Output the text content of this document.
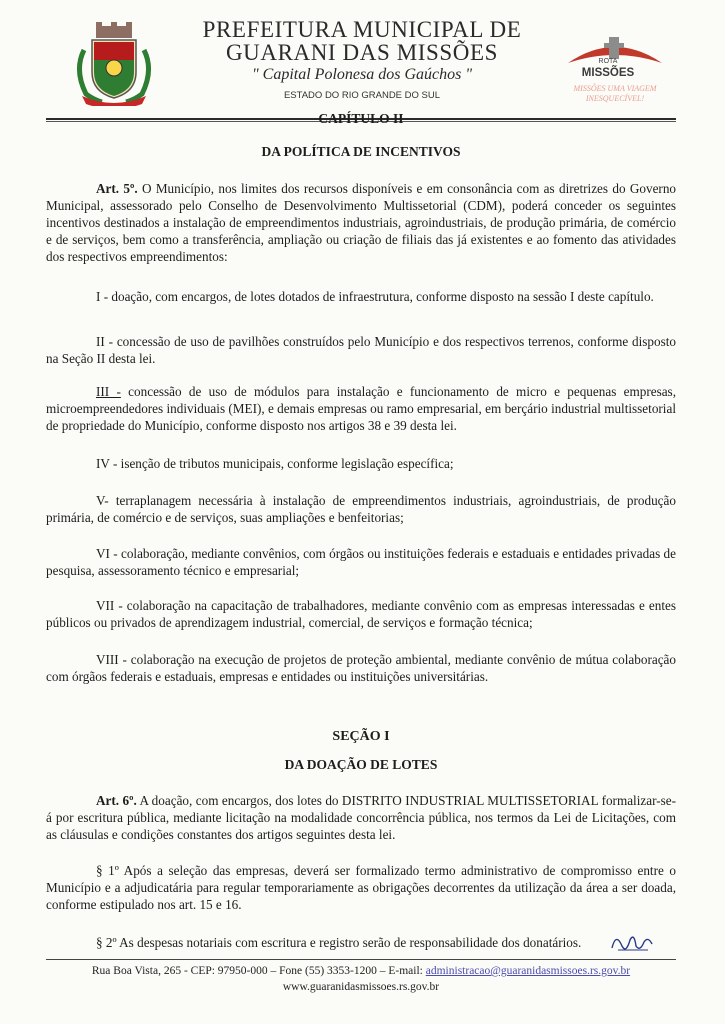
PREFEITURA MUNICIPAL DE
GUARANI DAS MISSÕES
" Capital Polonesa dos Gaúchos "
ESTADO DO RIO GRANDE DO SUL
ROTA
MISSÕES
MISSÕES UMA VIAGEM
INESQUECÍVEL!
CAPÍTULO II
DA POLÍTICA DE INCENTIVOS
Art. 5º. O Município, nos limites dos recursos disponíveis e em consonância com as diretrizes do Governo Municipal, assessorado pelo Conselho de Desenvolvimento Multissetorial (CDM), poderá conceder os seguintes incentivos destinados a instalação de empreendimentos industriais, agroindustriais, de produção primária, de comércio e de serviços, bem como a transferência, ampliação ou criação de filiais das já existentes e ao fomento das atividades dos respectivos empreendimentos:
I - doação, com encargos, de lotes dotados de infraestrutura, conforme disposto na sessão I deste capítulo.
II - concessão de uso de pavilhões construídos pelo Município e dos respectivos terrenos, conforme disposto na Seção II desta lei.
III - concessão de uso de módulos para instalação e funcionamento de micro e pequenas empresas, microempreendedores individuais (MEI), e demais empresas ou ramo empresarial, em berçário industrial multissetorial de propriedade do Município, conforme disposto nos artigos 38 e 39 desta lei.
IV - isenção de tributos municipais, conforme legislação específica;
V- terraplanagem necessária à instalação de empreendimentos industriais, agroindustriais, de produção primária, de comércio e de serviços, suas ampliações e benfeitorias;
VI - colaboração, mediante convênios, com órgãos ou instituições federais e estaduais e entidades privadas de pesquisa, assessoramento técnico e empresarial;
VII - colaboração na capacitação de trabalhadores, mediante convênio com as empresas interessadas e entes públicos ou privados de aprendizagem industrial, comercial, de serviços e formação técnica;
VIII - colaboração na execução de projetos de proteção ambiental, mediante convênio de mútua colaboração com órgãos federais e estaduais, empresas e entidades ou instituições universitárias.
SEÇÃO I
DA DOAÇÃO DE LOTES
Art. 6º. A doação, com encargos, dos lotes do DISTRITO INDUSTRIAL MULTISSETORIAL formalizar-se-á por escritura pública, mediante licitação na modalidade concorrência pública, nos termos da Lei de Licitações, com as cláusulas e condições constantes dos artigos seguintes desta lei.
§ 1º Após a seleção das empresas, deverá ser formalizado termo administrativo de compromisso entre o Município e a adjudicatária para regular temporariamente as obrigações decorrentes da utilização da área a ser doada, conforme estipulado nos art. 15 e 16.
§ 2º As despesas notariais com escritura e registro serão de responsabilidade dos donatários.
Rua Boa Vista, 265 - CEP: 97950-000 – Fone (55) 3353-1200 – E-mail: administracao@guaranidasmissoes.rs.gov.br
www.guaranidasmissoes.rs.gov.br
